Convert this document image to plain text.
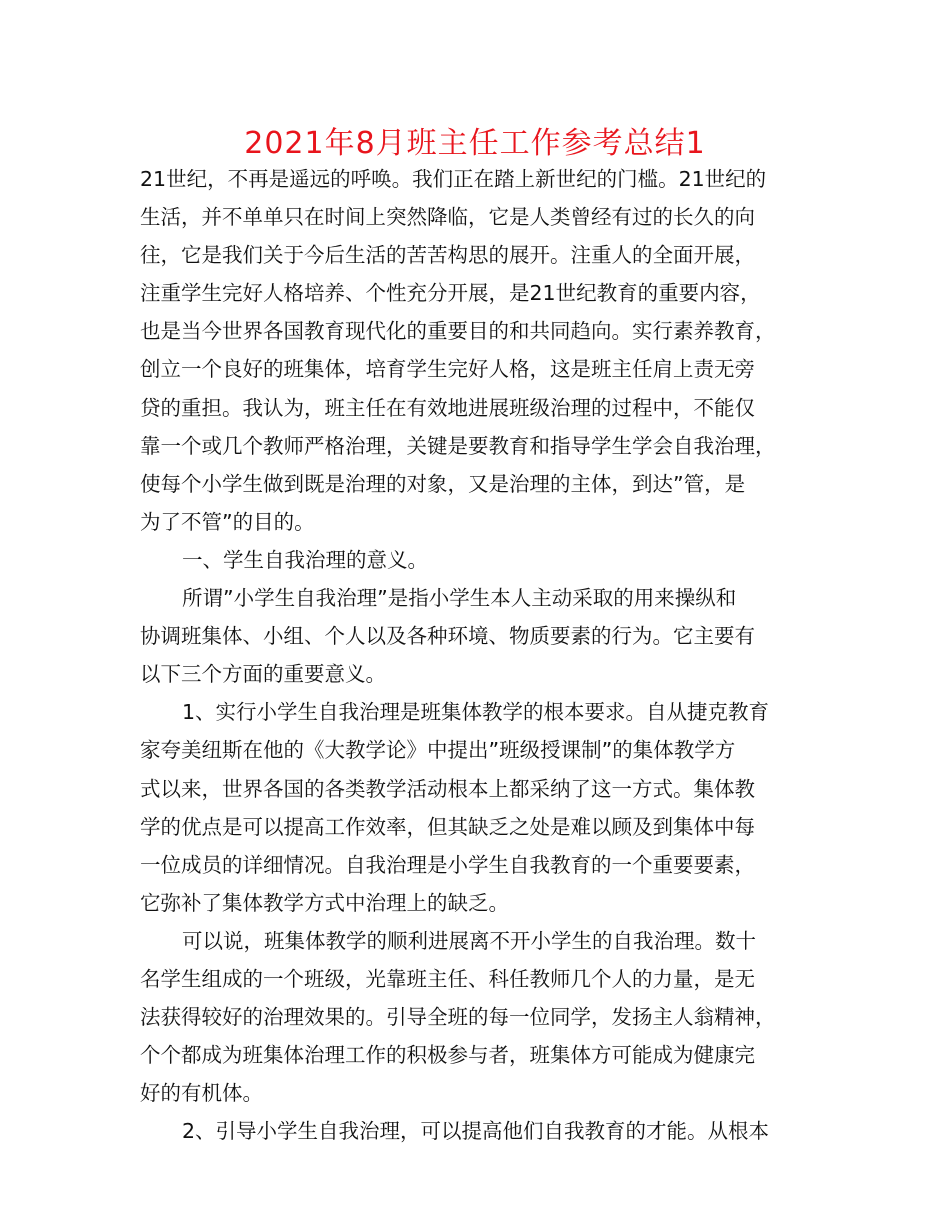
2021年8月班主任工作参考总结1
21世纪，不再是遥远的呼唤。我们正在踏上新世纪的门槛。21世纪的
生活，并不单单只在时间上突然降临，它是人类曾经有过的长久的向
往，它是我们关于今后生活的苦苦构思的展开。注重人的全面开展，
注重学生完好人格培养、个性充分开展，是21世纪教育的重要内容，
也是当今世界各国教育现代化的重要目的和共同趋向。实行素养教育，
创立一个良好的班集体，培育学生完好人格，这是班主任肩上责无旁
贷的重担。我认为，班主任在有效地进展班级治理的过程中，不能仅
靠一个或几个教师严格治理，关键是要教育和指导学生学会自我治理，
使每个小学生做到既是治理的对象，又是治理的主体，到达”管，是
为了不管”的目的。
一、学生自我治理的意义。
所谓”小学生自我治理”是指小学生本人主动采取的用来操纵和
协调班集体、小组、个人以及各种环境、物质要素的行为。它主要有
以下三个方面的重要意义。
1、实行小学生自我治理是班集体教学的根本要求。自从捷克教育
家夸美纽斯在他的《大教学论》中提出”班级授课制”的集体教学方
式以来，世界各国的各类教学活动根本上都采纳了这一方式。集体教
学的优点是可以提高工作效率，但其缺乏之处是难以顾及到集体中每
一位成员的详细情况。自我治理是小学生自我教育的一个重要要素，
它弥补了集体教学方式中治理上的缺乏。
可以说，班集体教学的顺利进展离不开小学生的自我治理。数十
名学生组成的一个班级，光靠班主任、科任教师几个人的力量，是无
法获得较好的治理效果的。引导全班的每一位同学，发扬主人翁精神，
个个都成为班集体治理工作的积极参与者，班集体方可能成为健康完
好的有机体。
2、引导小学生自我治理，可以提高他们自我教育的才能。从根本
